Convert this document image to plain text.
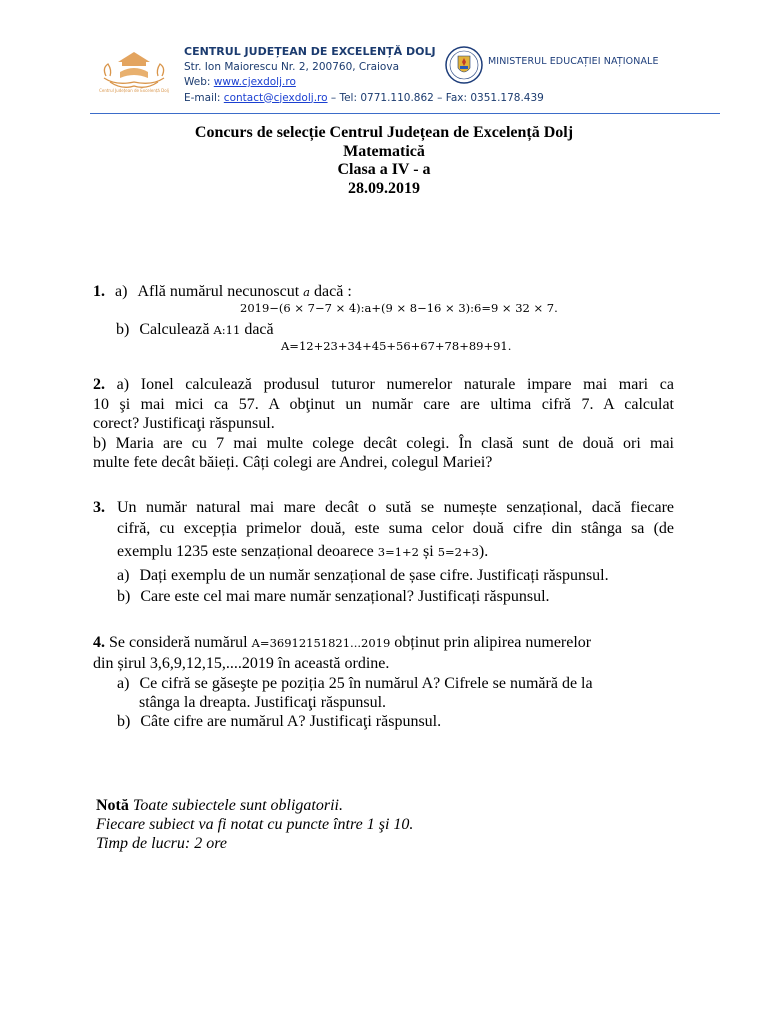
Centrul Județean de Excelență Dolj
CENTRUL JUDEȚEAN DE EXCELENȚĂ DOLJ
Str. Ion Maiorescu Nr. 2, 200760, Craiova
Web: www.cjexdolj.ro
E-mail: contact@cjexdolj.ro – Tel: 0771.110.862 – Fax: 0351.178.439
MINISTERUL EDUCAȚIEI NAȚIONALE
Concurs de selecție Centrul Județean de Excelență Dolj
Matematică
Clasa a IV - a
28.09.2019
1. a) Află numărul necunoscut a dacă :
2019−(6 × 7−7 × 4):a+(9 × 8−16 × 3):6=9 × 32 × 7.
b) Calculează A:11 dacă
A=12+23+34+45+56+67+78+89+91.
2. a) Ionel calculează produsul tuturor numerelor naturale impare mai mari ca
10 şi mai mici ca 57. A obţinut un număr care are ultima cifră 7. A calculat
corect? Justificaţi răspunsul.
b) Maria are cu 7 mai multe colege decât colegi. În clasă sunt de două ori mai
multe fete decât băieți. Câți colegi are Andrei, colegul Mariei?
3. Un număr natural mai mare decât o sută se numește senzațional, dacă fiecare
cifră, cu excepția primelor două, este suma celor două cifre din stânga sa (de
exemplu 1235 este senzațional deoarece 3=1+2 și 5=2+3).
a) Dați exemplu de un număr senzațional de șase cifre. Justificați răspunsul.
b) Care este cel mai mare număr senzațional? Justificați răspunsul.
4. Se consideră numărul A=36912151821...2019 obținut prin alipirea numerelor
din șirul 3,6,9,12,15,....2019 în această ordine.
a) Ce cifră se găseşte pe poziția 25 în numărul A? Cifrele se numără de la
stânga la dreapta. Justificaţi răspunsul.
b) Câte cifre are numărul A? Justificaţi răspunsul.
Notă Toate subiectele sunt obligatorii.
Fiecare subiect va fi notat cu puncte între 1 şi 10.
Timp de lucru: 2 ore
